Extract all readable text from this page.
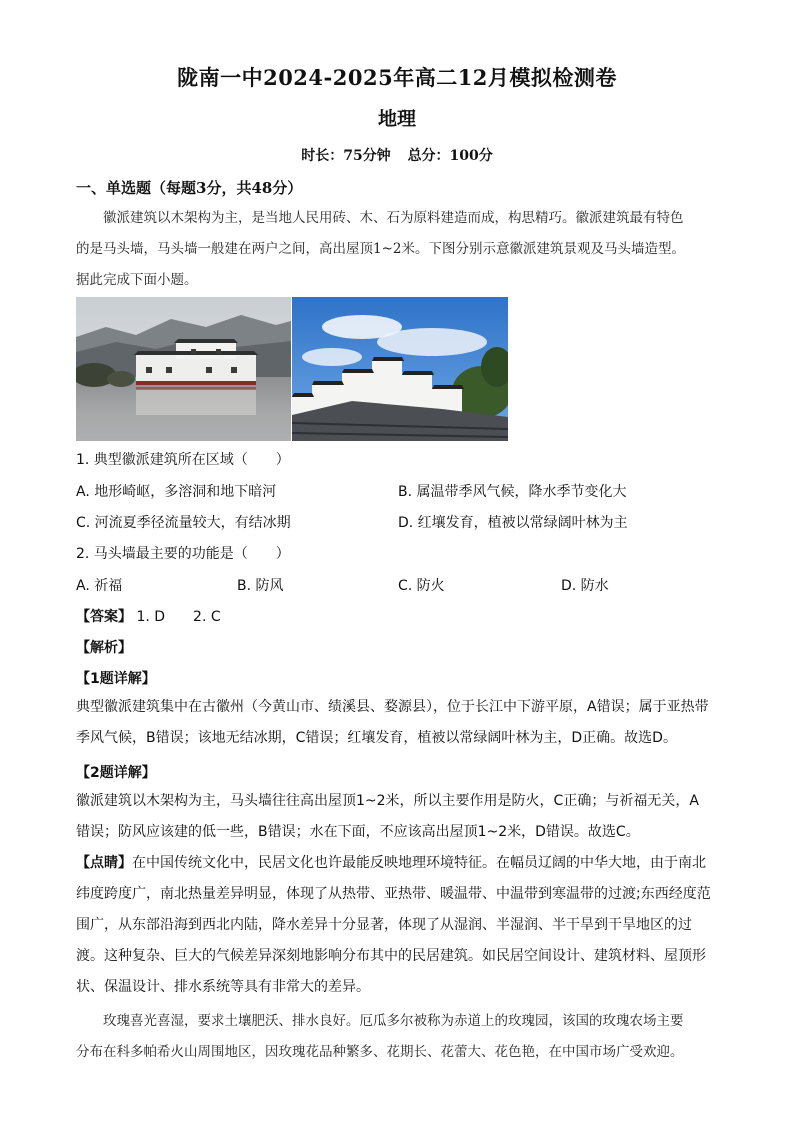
陇南一中2024-2025年高二12月模拟检测卷
地理
时长：75分钟 总分：100分
一、单选题（每题3分，共48分）
徽派建筑以木架构为主，是当地人民用砖、木、石为原料建造而成，构思精巧。徽派建筑最有特色
的是马头墙，马头墙一般建在两户之间，高出屋顶1~2米。下图分别示意徽派建筑景观及马头墙造型。
据此完成下面小题。
1. 典型徽派建筑所在区域（　　）
A. 地形崎岖，多溶洞和地下暗河	B. 属温带季风气候，降水季节变化大
C. 河流夏季径流量较大，有结冰期	D. 红壤发育，植被以常绿阔叶林为主
2. 马头墙最主要的功能是（　　）
A. 祈福	B. 防风	C. 防火	D. 防水
【答案】 1. D　　2. C
【解析】
【1题详解】
典型徽派建筑集中在古徽州（今黄山市、绩溪县、婺源县），位于长江中下游平原，A错误；属于亚热带
季风气候，B错误；该地无结冰期，C错误；红壤发育，植被以常绿阔叶林为主，D正确。故选D。
【2题详解】
徽派建筑以木架构为主，马头墙往往高出屋顶1~2米，所以主要作用是防火，C正确；与祈福无关，A
错误；防风应该建的低一些，B错误；水在下面，不应该高出屋顶1~2米，D错误。故选C。
【点睛】在中国传统文化中，民居文化也许最能反映地理环境特征。在幅员辽阔的中华大地，由于南北
纬度跨度广，南北热量差异明显，体现了从热带、亚热带、暖温带、中温带到寒温带的过渡;东西经度范
围广，从东部沿海到西北内陆，降水差异十分显著，体现了从湿润、半湿润、半干旱到干旱地区的过
渡。这种复杂、巨大的气候差异深刻地影响分布其中的民居建筑。如民居空间设计、建筑材料、屋顶形
状、保温设计、排水系统等具有非常大的差异。
玫瑰喜光喜湿，要求土壤肥沃、排水良好。厄瓜多尔被称为赤道上的玫瑰园，该国的玫瑰农场主要
分布在科多帕希火山周围地区，因玫瑰花品种繁多、花期长、花蕾大、花色艳，在中国市场广受欢迎。
